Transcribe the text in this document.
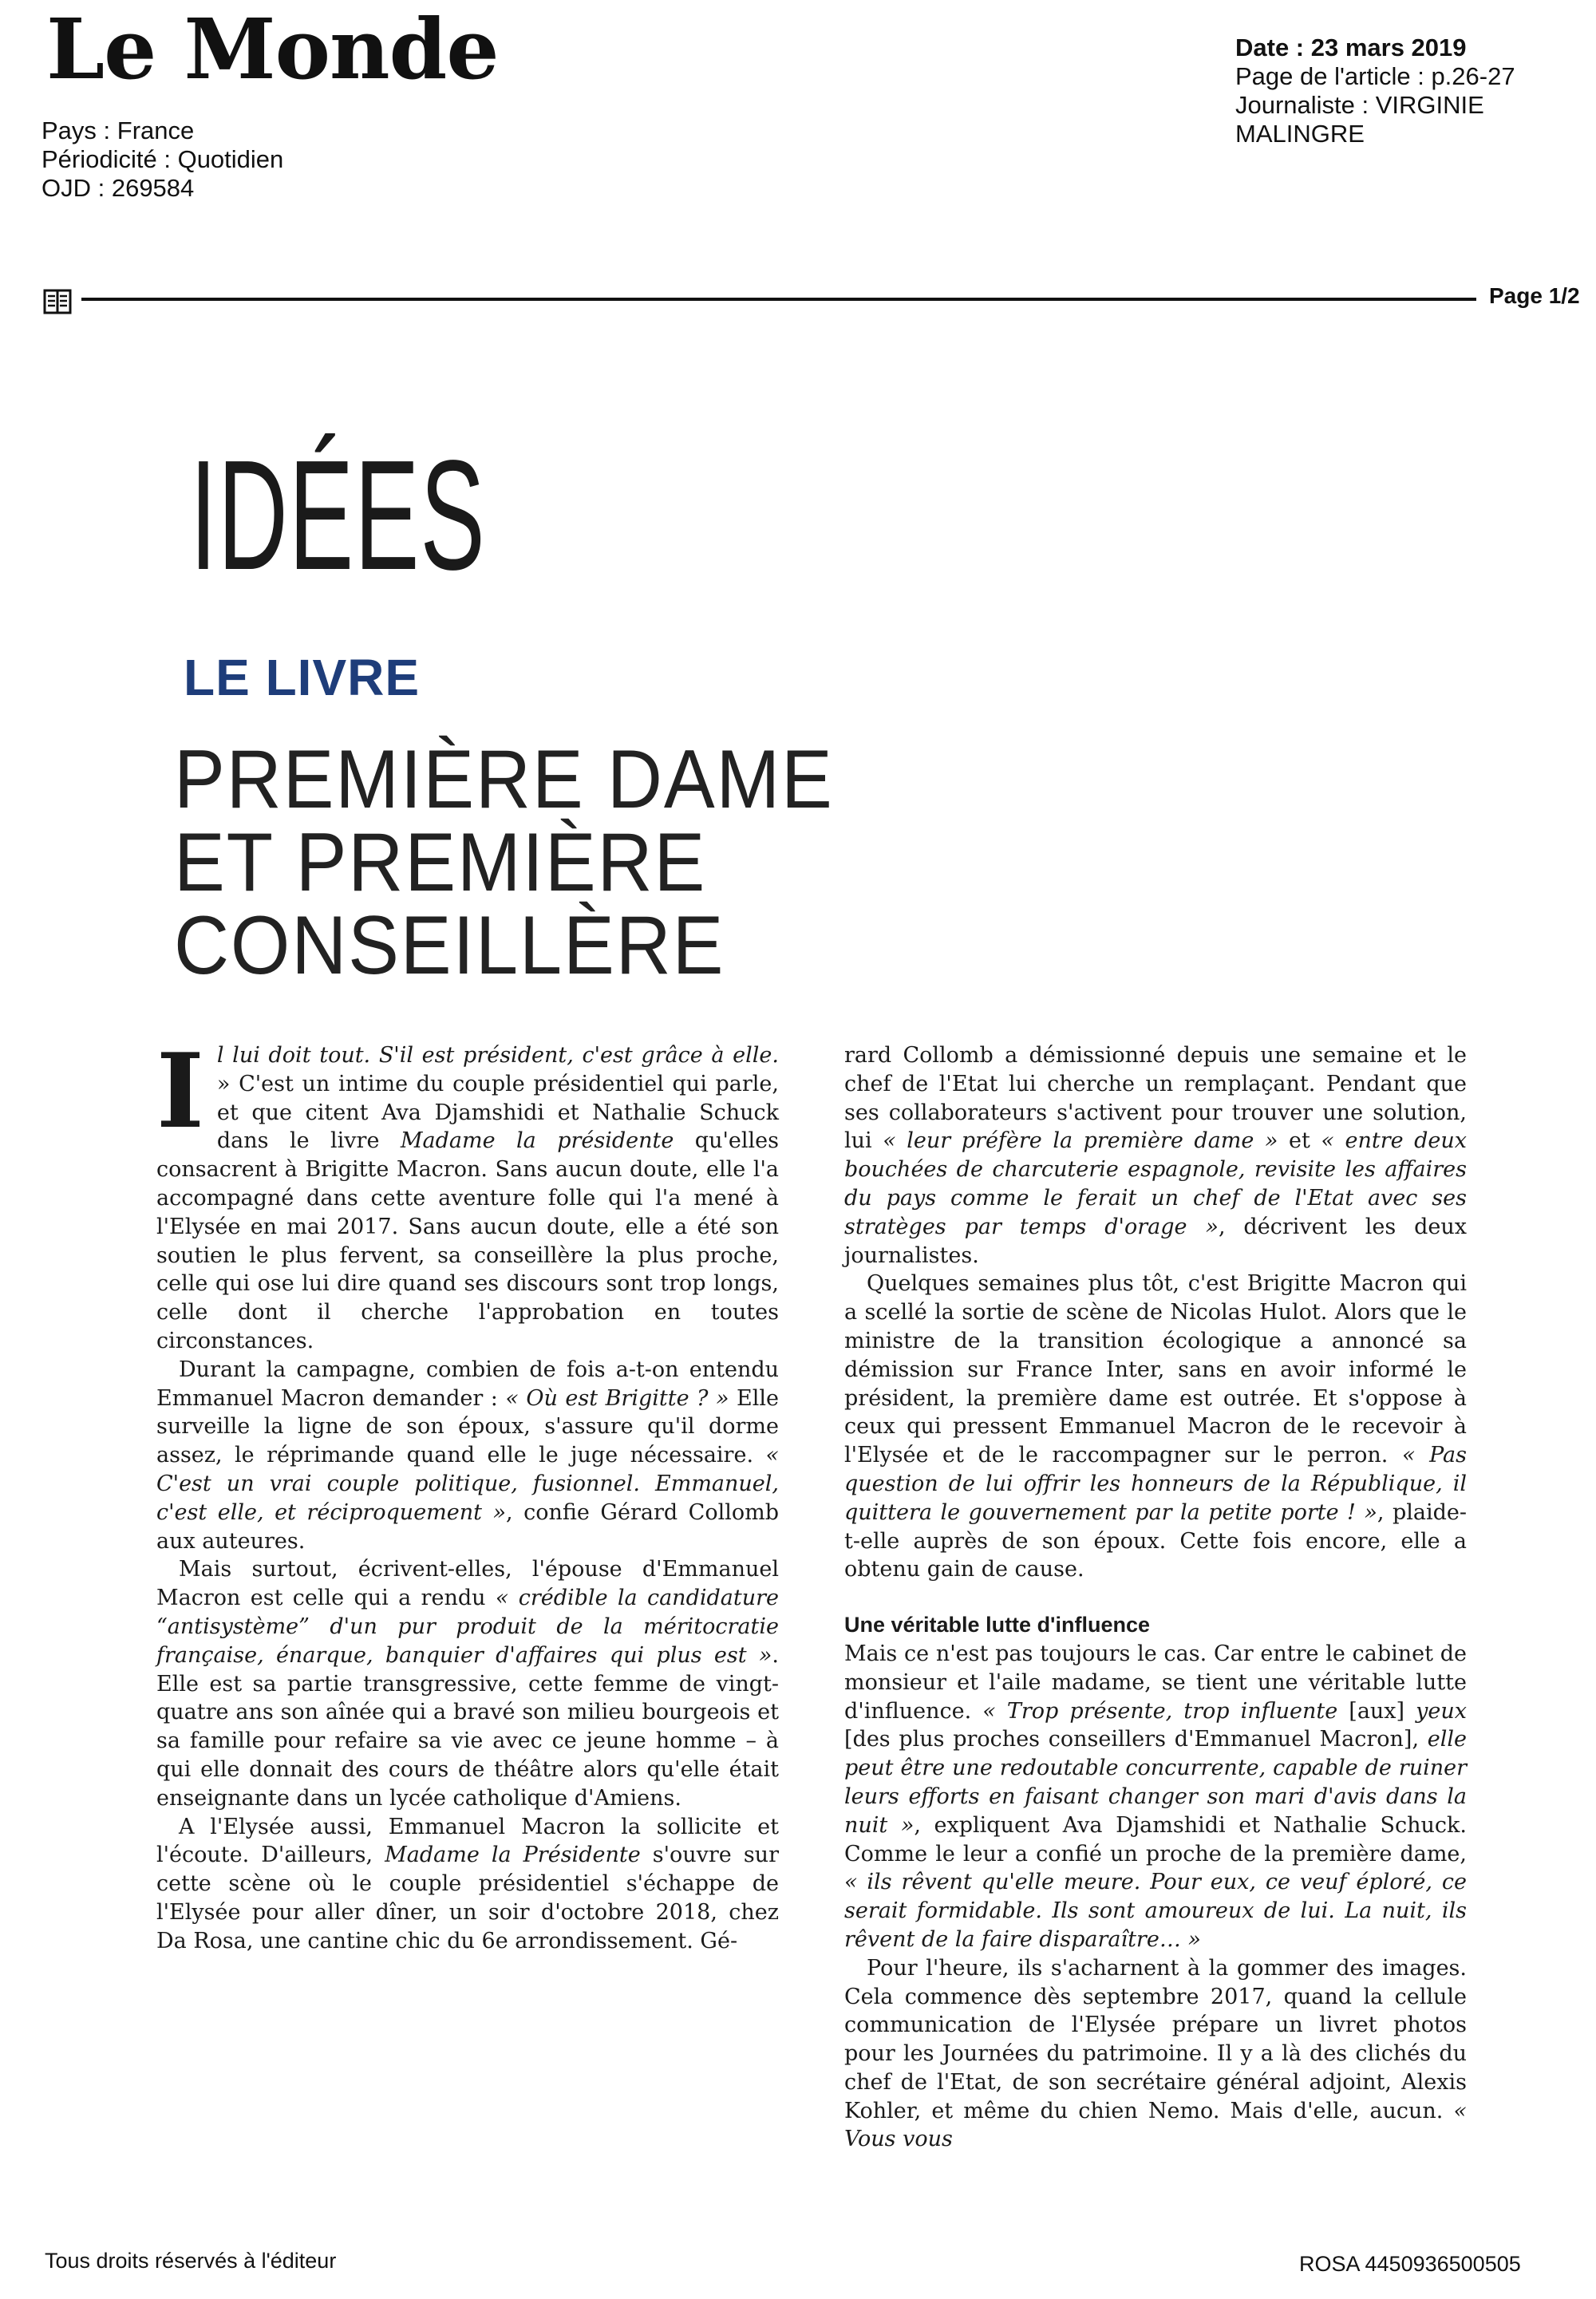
Le Monde
Pays : France
Périodicité : Quotidien
OJD : 269584
Date : 23 mars 2019
Page de l'article : p.26-27
Journaliste : VIRGINIE MALINGRE
Page 1/2
IDÉES
LE LIVRE
PREMIÈRE DAME
ET PREMIÈRE
CONSEILLÈRE

Il lui doit tout. S'il est président, c'est grâce à elle. » C'est un intime du couple présidentiel qui parle, et que citent Ava Djamshidi et Nathalie Schuck dans le livre Madame la présidente qu'elles consacrent à Brigitte Macron. Sans aucun doute, elle l'a accompagné dans cette aventure folle qui l'a mené à l'Elysée en mai 2017. Sans aucun doute, elle a été son soutien le plus fervent, sa conseillère la plus proche, celle qui ose lui dire quand ses discours sont trop longs, celle dont il cherche l'approbation en toutes circonstances.

Durant la campagne, combien de fois a-t-on entendu Emmanuel Macron demander : « Où est Brigitte ? » Elle surveille la ligne de son époux, s'assure qu'il dorme assez, le réprimande quand elle le juge nécessaire. « C'est un vrai couple politique, fusionnel. Emmanuel, c'est elle, et réciproquement », confie Gérard Collomb aux auteures.

Mais surtout, écrivent-elles, l'épouse d'Emmanuel Macron est celle qui a rendu « crédible la candidature “antisystème” d'un pur produit de la méritocratie française, énarque, banquier d'affaires qui plus est ». Elle est sa partie transgressive, cette femme de vingt-quatre ans son aînée qui a bravé son milieu bourgeois et sa famille pour refaire sa vie avec ce jeune homme – à qui elle donnait des cours de théâtre alors qu'elle était enseignante dans un lycée catholique d'Amiens.

A l'Elysée aussi, Emmanuel Macron la sollicite et l'écoute. D'ailleurs, Madame la Présidente s'ouvre sur cette scène où le couple présidentiel s'échappe de l'Elysée pour aller dîner, un soir d'octobre 2018, chez Da Rosa, une cantine chic du 6e arrondissement. Gé-

rard Collomb a démissionné depuis une semaine et le chef de l'Etat lui cherche un remplaçant. Pendant que ses collaborateurs s'activent pour trouver une solution, lui « leur préfère la première dame » et « entre deux bouchées de charcuterie espagnole, revisite les affaires du pays comme le ferait un chef de l'Etat avec ses stratèges par temps d'orage », décrivent les deux journalistes.

Quelques semaines plus tôt, c'est Brigitte Macron qui a scellé la sortie de scène de Nicolas Hulot. Alors que le ministre de la transition écologique a annoncé sa démission sur France Inter, sans en avoir informé le président, la première dame est outrée. Et s'oppose à ceux qui pressent Emmanuel Macron de le recevoir à l'Elysée et de le raccompagner sur le perron. « Pas question de lui offrir les honneurs de la République, il quittera le gouvernement par la petite porte ! », plaide-t-elle auprès de son époux. Cette fois encore, elle a obtenu gain de cause.

Une véritable lutte d'influence

Mais ce n'est pas toujours le cas. Car entre le cabinet de monsieur et l'aile madame, se tient une véritable lutte d'influence. « Trop présente, trop influente [aux] yeux [des plus proches conseillers d'Emmanuel Macron], elle peut être une redoutable concurrente, capable de ruiner leurs efforts en faisant changer son mari d'avis dans la nuit », expliquent Ava Djamshidi et Nathalie Schuck. Comme le leur a confié un proche de la première dame, « ils rêvent qu'elle meure. Pour eux, ce veuf éploré, ce serait formidable. Ils sont amoureux de lui. La nuit, ils rêvent de la faire disparaître… »

Pour l'heure, ils s'acharnent à la gommer des images. Cela commence dès septembre 2017, quand la cellule communication de l'Elysée prépare un livret photos pour les Journées du patrimoine. Il y a là des clichés du chef de l'Etat, de son secrétaire général adjoint, Alexis Kohler, et même du chien Nemo. Mais d'elle, aucun. « Vous vous

Tous droits réservés à l'éditeur	ROSA 4450936500505
